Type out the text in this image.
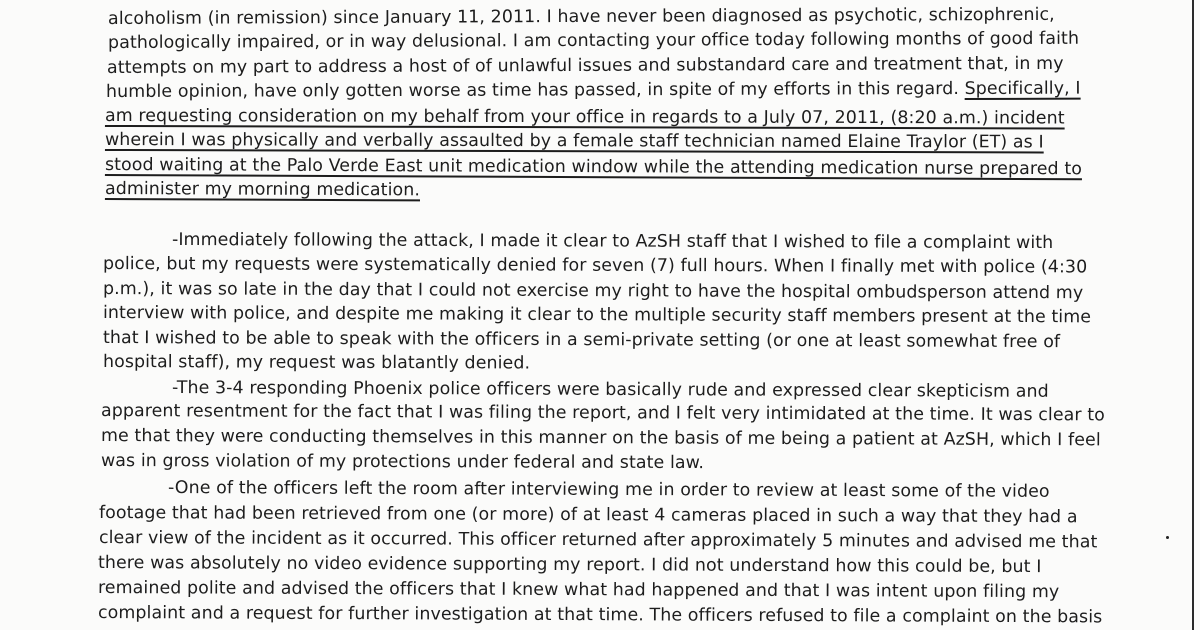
alcoholism (in remission) since January 11, 2011. I have never been diagnosed as psychotic, schizophrenic,

pathologically impaired, or in way delusional. I am contacting your office today following months of good faith

attempts on my part to address a host of of unlawful issues and substandard care and treatment that, in my

humble opinion, have only gotten worse as time has passed, in spite of my efforts in this regard. Specifically, I

am requesting consideration on my behalf from your office in regards to a July 07, 2011, (8:20 a.m.) incident

wherein I was physically and verbally assaulted by a female staff technician named Elaine Traylor (ET) as I

stood waiting at the Palo Verde East unit medication window while the attending medication nurse prepared to

administer my morning medication.

-Immediately following the attack, I made it clear to AzSH staff that I wished to file a complaint with

police, but my requests were systematically denied for seven (7) full hours. When I finally met with police (4:30

p.m.), it was so late in the day that I could not exercise my right to have the hospital ombudsperson attend my

interview with police, and despite me making it clear to the multiple security staff members present at the time

that I wished to be able to speak with the officers in a semi-private setting (or one at least somewhat free of

hospital staff), my request was blatantly denied.

-The 3-4 responding Phoenix police officers were basically rude and expressed clear skepticism and

apparent resentment for the fact that I was filing the report, and I felt very intimidated at the time. It was clear to

me that they were conducting themselves in this manner on the basis of me being a patient at AzSH, which I feel

was in gross violation of my protections under federal and state law.

-One of the officers left the room after interviewing me in order to review at least some of the video

footage that had been retrieved from one (or more) of at least 4 cameras placed in such a way that they had a

clear view of the incident as it occurred. This officer returned after approximately 5 minutes and advised me that

there was absolutely no video evidence supporting my report. I did not understand how this could be, but I

remained polite and advised the officers that I knew what had happened and that I was intent upon filing my

complaint and a request for further investigation at that time. The officers refused to file a complaint on the basis
